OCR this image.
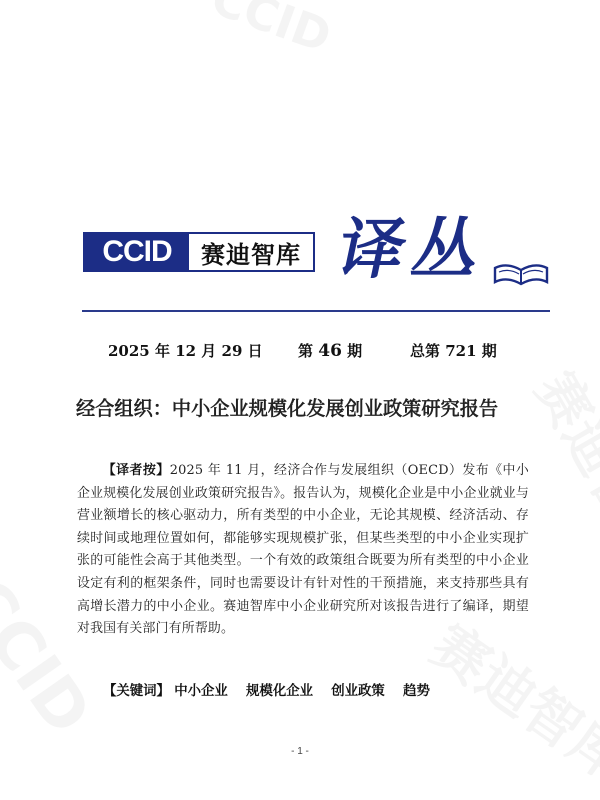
CCID	赛迪智库 译丛
2025 年 12 月 29 日 第 46 期	总第 721 期
经合组织：中小企业规模化发展创业政策研究报告

【译者按】2025 年 11 月，经济合作与发展组织（OECD）发布《中小企业规模化发展创业政策研究报告》。报告认为，规模化企业是中小企业就业与营业额增长的核心驱动力，所有类型的中小企业，无论其规模、经济活动、存续时间或地理位置如何，都能够实现规模扩张，但某些类型的中小企业实现扩张的可能性会高于其他类型。一个有效的政策组合既要为所有类型的中小企业设定有利的框架条件，同时也需要设计有针对性的干预措施，来支持那些具有高增长潜力的中小企业。赛迪智库中小企业研究所对该报告进行了编译，期望对我国有关部门有所帮助。

【关键词】 中小企业 规模化企业 创业政策 趋势
- 1 -
